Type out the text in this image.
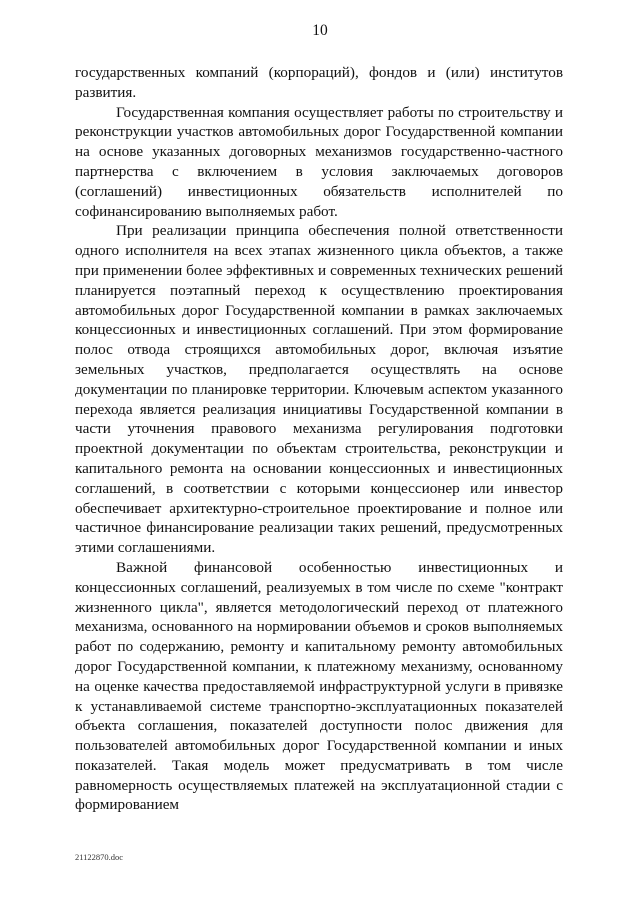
10

государственных компаний (корпораций), фондов и (или) институтов развития.

Государственная компания осуществляет работы по строительству и реконструкции участков автомобильных дорог Государственной компании на основе указанных договорных механизмов государственно-частного партнерства с включением в условия заключаемых договоров (соглашений) инвестиционных обязательств исполнителей по софинансированию выполняемых работ.

При реализации принципа обеспечения полной ответственности одного исполнителя на всех этапах жизненного цикла объектов, а также при применении более эффективных и современных технических решений планируется поэтапный переход к осуществлению проектирования автомобильных дорог Государственной компании в рамках заключаемых концессионных и инвестиционных соглашений. При этом формирование полос отвода строящихся автомобильных дорог, включая изъятие земельных участков, предполагается осуществлять на основе документации по планировке территории. Ключевым аспектом указанного перехода является реализация инициативы Государственной компании в части уточнения правового механизма регулирования подготовки проектной документации по объектам строительства, реконструкции и капитального ремонта на основании концессионных и инвестиционных соглашений, в соответствии с которыми концессионер или инвестор обеспечивает архитектурно-строительное проектирование и полное или частичное финансирование реализации таких решений, предусмотренных этими соглашениями.

Важной финансовой особенностью инвестиционных и концессионных соглашений, реализуемых в том числе по схеме "контракт жизненного цикла", является методологический переход от платежного механизма, основанного на нормировании объемов и сроков выполняемых работ по содержанию, ремонту и капитальному ремонту автомобильных дорог Государственной компании, к платежному механизму, основанному на оценке качества предоставляемой инфраструктурной услуги в привязке к устанавливаемой системе транспортно-эксплуатационных показателей объекта соглашения, показателей доступности полос движения для пользователей автомобильных дорог Государственной компании и иных показателей. Такая модель может предусматривать в том числе равномерность осуществляемых платежей на эксплуатационной стадии с формированием

21122870.doc
